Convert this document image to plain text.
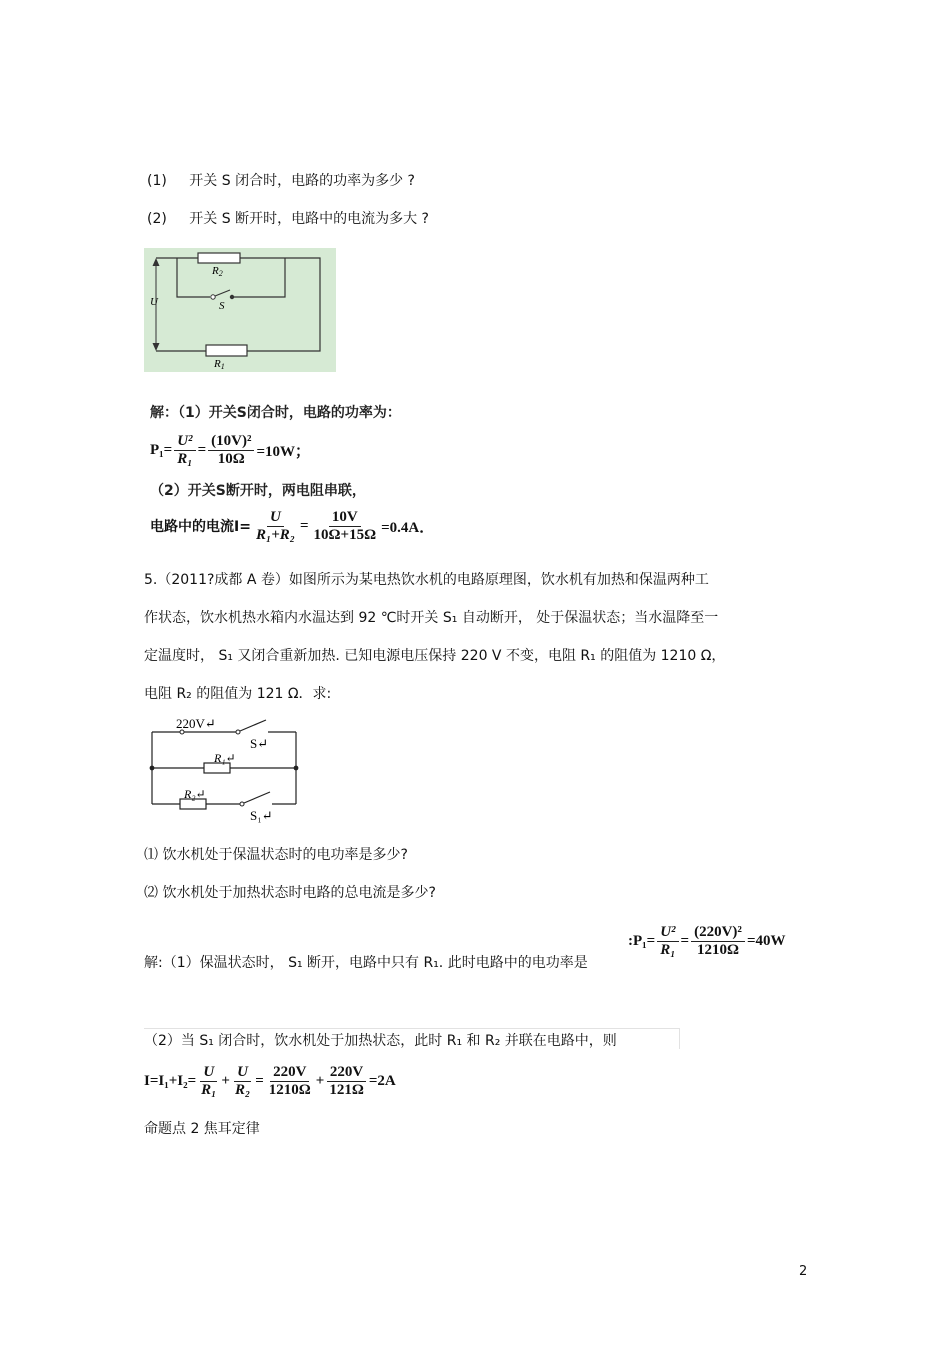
(1) 开关 S 闭合时，电路的功率为多少 ?
(2) 开关 S 断开时，电路中的电流为多大 ?
R2
U	S
R1
解：（1）开关S闭合时，电路的功率为：
$P_1= \frac{\text{U²}}{\text{R₁}} = \frac{\text{(10V)²}}{10\Omega} =10W$；
（2）开关S断开时，两电阻串联，
电路中的电流$I= \frac{U}{\text{R₁+R₂}} = \frac{10V}{10\Omega+15\Omega} =0.4A$．
5.（2011?成都 A 卷）如图所示为某电热饮水机的电路原理图，饮水机有加热和保温两种工
作状态，饮水机热水箱内水温达到 92 ℃时开关 S₁ 自动断开， 处于保温状态；当水温降至一
定温度时， S₁ 又闭合重新加热. 已知电源电压保持 220 V 不变，电阻 R₁ 的阻值为 1210 Ω，
电阻 R₂ 的阻值为 121 Ω．求:
220V↵
S↵
R₁↵
R₂↵
S₁↵
⑴ 饮水机处于保温状态时的电功率是多少?
⑵ 饮水机处于加热状态时电路的总电流是多少?
解:（1）保温状态时， S₁ 断开，电路中只有 R₁. 此时电路中的电功率是
:P₁= $\frac{\text{U²}}{\text{R₁}} = \frac{\text{(220V)²}}{1210\Omega} =40W$
（2）当 S₁ 闭合时，饮水机处于加热状态，此时 R₁ 和 R₂ 并联在电路中，则
$I=I_1+I_2= \frac{U}{\text{R₁}} + \frac{U}{\text{R₂}} = \frac{220V}{1210\Omega} + \frac{220V}{121\Omega} =2A$
命题点 2 焦耳定律
2
